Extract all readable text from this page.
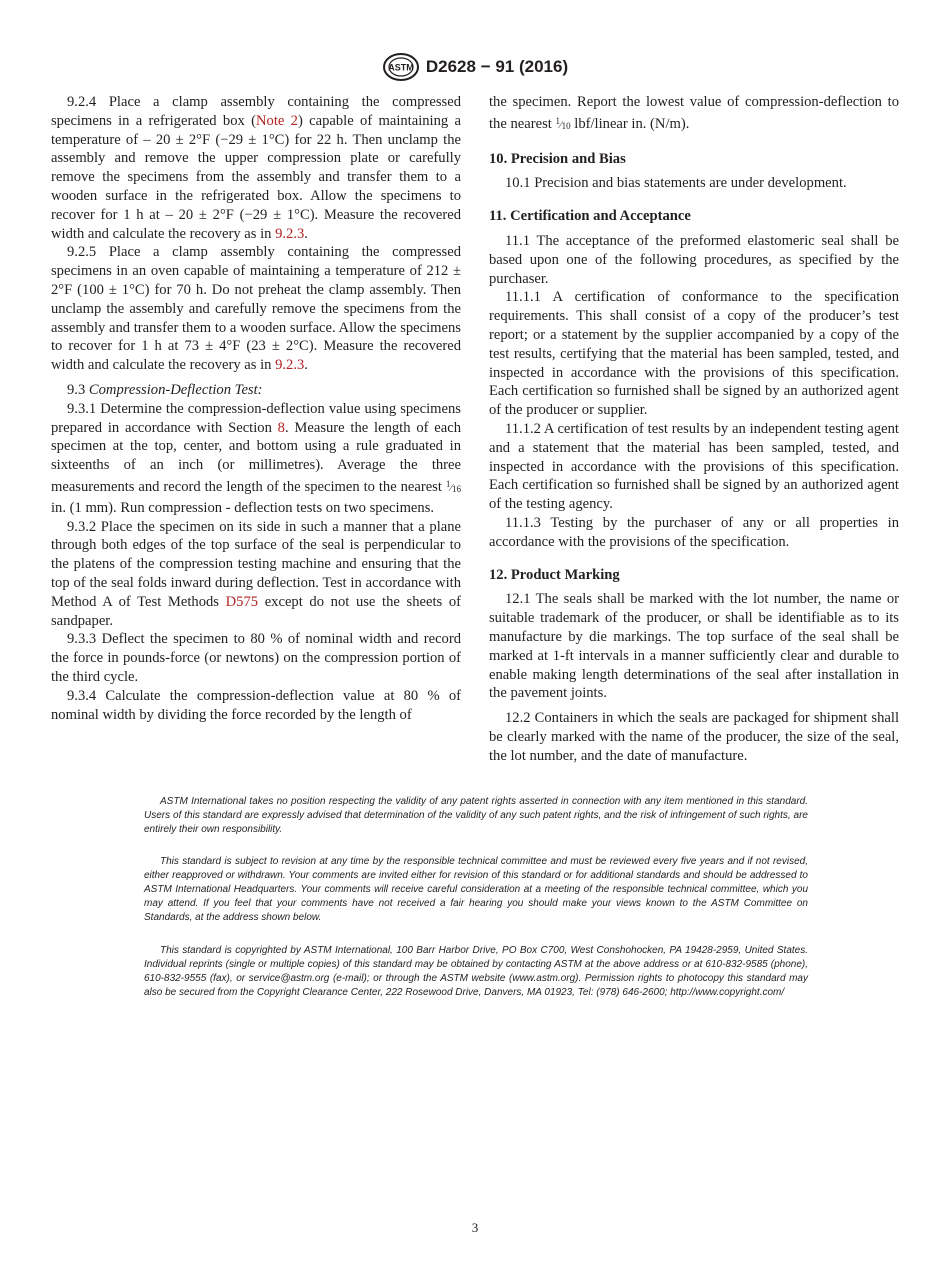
ASTM D2628 − 91 (2016)

9.2.4 Place a clamp assembly containing the compressed specimens in a refrigerated box (Note 2) capable of maintaining a temperature of – 20 ± 2°F (−29 ± 1°C) for 22 h. Then unclamp the assembly and remove the upper compression plate or carefully remove the specimens from the assembly and transfer them to a wooden surface in the refrigerated box. Allow the specimens to recover for 1 h at – 20 ± 2°F (−29 ± 1°C). Measure the recovered width and calculate the recovery as in 9.2.3.

9.2.5 Place a clamp assembly containing the compressed specimens in an oven capable of maintaining a temperature of 212 ± 2°F (100 ± 1°C) for 70 h. Do not preheat the clamp assembly. Then unclamp the assembly and carefully remove the specimens from the assembly and transfer them to a wooden surface. Allow the specimens to recover for 1 h at 73 ± 4°F (23 ± 2°C). Measure the recovered width and calculate the recovery as in 9.2.3.

9.3 Compression-Deflection Test:

9.3.1 Determine the compression-deflection value using specimens prepared in accordance with Section 8. Measure the length of each specimen at the top, center, and bottom using a rule graduated in sixteenths of an inch (or millimetres). Average the three measurements and record the length of the specimen to the nearest $^1⁄_{16}$ in. (1 mm). Run compression - deflection tests on two specimens.

9.3.2 Place the specimen on its side in such a manner that a plane through both edges of the top surface of the seal is perpendicular to the platens of the compression testing machine and ensuring that the top of the seal folds inward during deflection. Test in accordance with Method A of Test Methods D575 except do not use the sheets of sandpaper.

9.3.3 Deflect the specimen to 80 % of nominal width and record the force in pounds-force (or newtons) on the compression portion of the third cycle.

9.3.4 Calculate the compression-deflection value at 80 % of nominal width by dividing the force recorded by the length of

the specimen. Report the lowest value of compression-deflection to the nearest $^1⁄_{10}$ lbf/linear in. (N/m).

10. Precision and Bias

10.1 Precision and bias statements are under development.

11. Certification and Acceptance

11.1 The acceptance of the preformed elastomeric seal shall be based upon one of the following procedures, as specified by the purchaser.

11.1.1 A certification of conformance to the specification requirements. This shall consist of a copy of the producer’s test report; or a statement by the supplier accompanied by a copy of the test results, certifying that the material has been sampled, tested, and inspected in accordance with the provisions of this specification. Each certification so furnished shall be signed by an authorized agent of the producer or supplier.

11.1.2 A certification of test results by an independent testing agent and a statement that the material has been sampled, tested, and inspected in accordance with the provisions of this specification. Each certification so furnished shall be signed by an authorized agent of the testing agency.

11.1.3 Testing by the purchaser of any or all properties in accordance with the provisions of the specification.

12. Product Marking

12.1 The seals shall be marked with the lot number, the name or suitable trademark of the producer, or shall be identifiable as to its manufacture by die markings. The top surface of the seal shall be marked at 1-ft intervals in a manner sufficiently clear and durable to enable making length determinations of the seal after installation in the pavement joints.

12.2 Containers in which the seals are packaged for shipment shall be clearly marked with the name of the producer, the size of the seal, the lot number, and the date of manufacture.

ASTM International takes no position respecting the validity of any patent rights asserted in connection with any item mentioned in this standard. Users of this standard are expressly advised that determination of the validity of any such patent rights, and the risk of infringement of such rights, are entirely their own responsibility.

This standard is subject to revision at any time by the responsible technical committee and must be reviewed every five years and if not revised, either reapproved or withdrawn. Your comments are invited either for revision of this standard or for additional standards and should be addressed to ASTM International Headquarters. Your comments will receive careful consideration at a meeting of the responsible technical committee, which you may attend. If you feel that your comments have not received a fair hearing you should make your views known to the ASTM Committee on Standards, at the address shown below.

This standard is copyrighted by ASTM International, 100 Barr Harbor Drive, PO Box C700, West Conshohocken, PA 19428-2959, United States. Individual reprints (single or multiple copies) of this standard may be obtained by contacting ASTM at the above address or at 610-832-9585 (phone), 610-832-9555 (fax), or service@astm.org (e-mail); or through the ASTM website (www.astm.org). Permission rights to photocopy this standard may also be secured from the Copyright Clearance Center, 222 Rosewood Drive, Danvers, MA 01923, Tel: (978) 646-2600; http://www.copyright.com/

3
